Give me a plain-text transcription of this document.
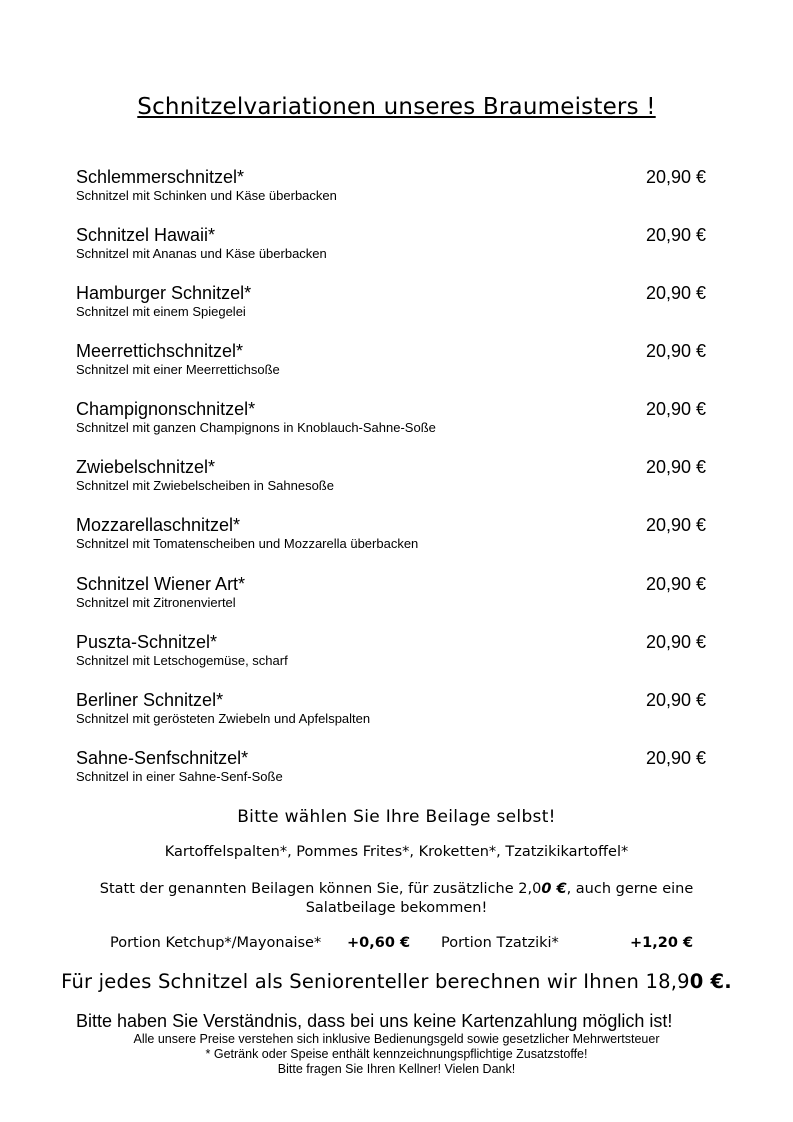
Schnitzelvariationen unseres Braumeisters !
Schlemmerschnitzel*
Schnitzel mit Schinken und Käse überbacken
20,90 €
Schnitzel Hawaii*
Schnitzel mit Ananas und Käse überbacken
20,90 €
Hamburger Schnitzel*
Schnitzel mit einem Spiegelei
20,90 €
Meerrettichschnitzel*
Schnitzel mit einer Meerrettichsoße
20,90 €
Champignonschnitzel*
Schnitzel mit ganzen Champignons in Knoblauch-Sahne-Soße
20,90 €
Zwiebelschnitzel*
Schnitzel mit Zwiebelscheiben in Sahnesoße
20,90 €
Mozzarellaschnitzel*
Schnitzel mit Tomatenscheiben und Mozzarella überbacken
20,90 €
Schnitzel Wiener Art*
Schnitzel mit Zitronenviertel
20,90 €
Puszta-Schnitzel*
Schnitzel mit Letschogemüse, scharf
20,90 €
Berliner Schnitzel*
Schnitzel mit gerösteten Zwiebeln und Apfelspalten
20,90 €
Sahne-Senfschnitzel*
Schnitzel in einer Sahne-Senf-Soße
20,90 €
Bitte wählen Sie Ihre Beilage selbst!
Kartoffelspalten*, Pommes Frites*, Kroketten*, Tzatzikikartoffel*
Statt der genannten Beilagen können Sie, für zusätzliche 2,00 €, auch gerne eine
Salatbeilage bekommen!
Portion Ketchup*/Mayonaise* +0,60 € Portion Tzatziki*	+1,20 €
Für jedes Schnitzel als Seniorenteller berechnen wir Ihnen 18,90 €.
Bitte haben Sie Verständnis, dass bei uns keine Kartenzahlung möglich ist!
Alle unsere Preise verstehen sich inklusive Bedienungsgeld sowie gesetzlicher Mehrwertsteuer
* Getränk oder Speise enthält kennzeichnungspflichtige Zusatzstoffe!
Bitte fragen Sie Ihren Kellner! Vielen Dank!
